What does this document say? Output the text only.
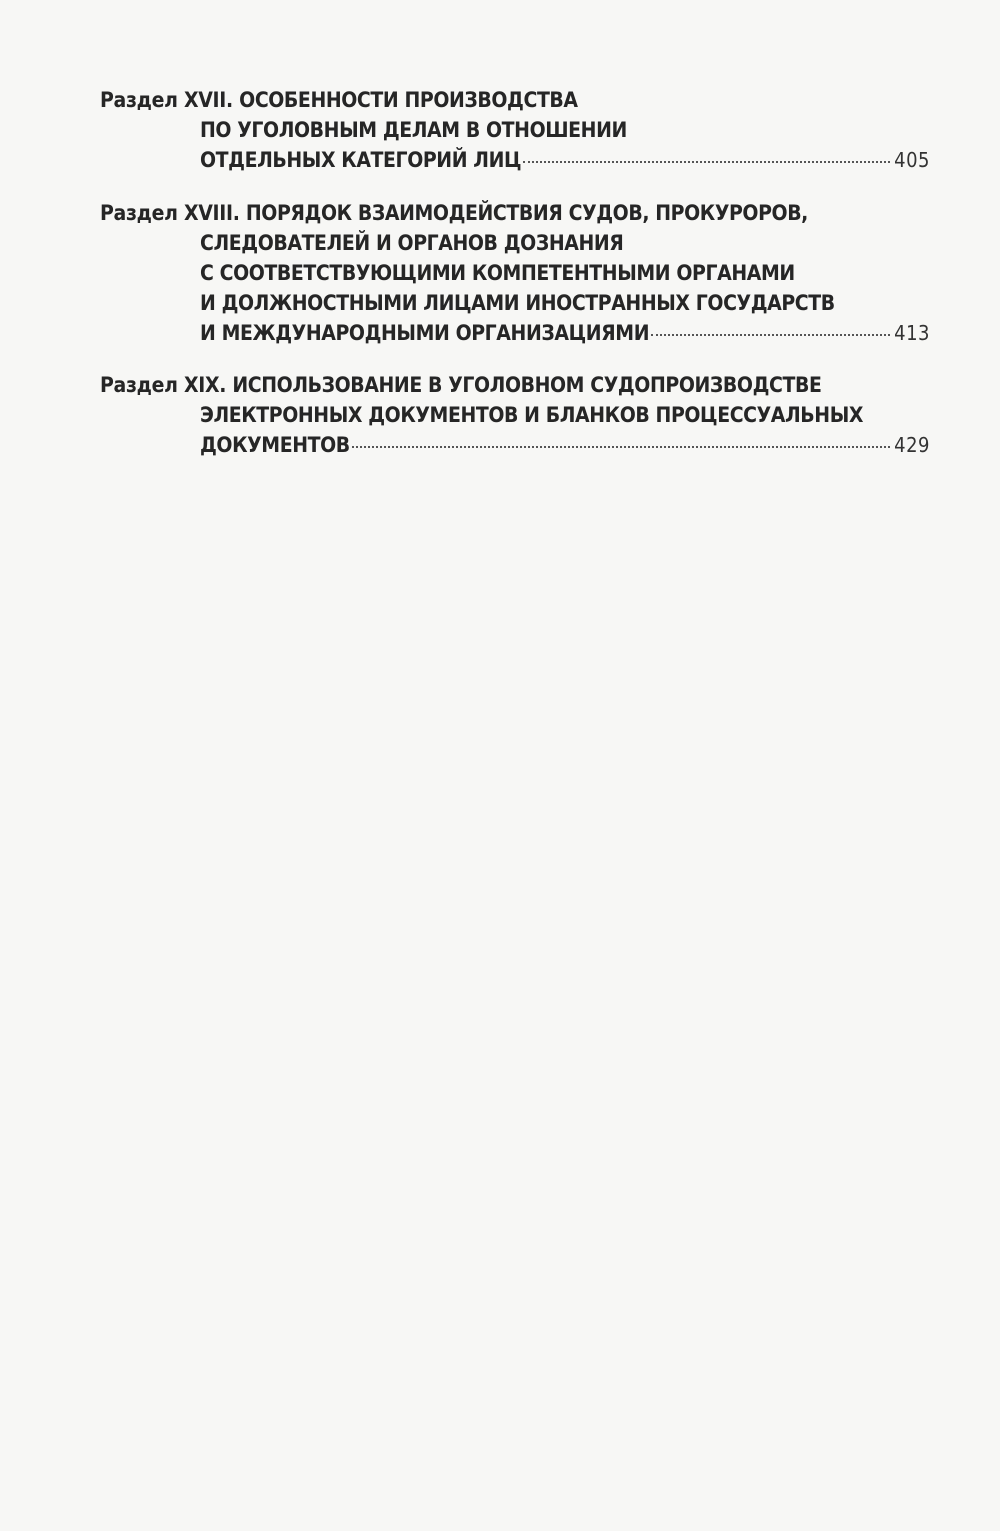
Раздел XVII. ОСОБЕННОСТИ ПРОИЗВОДСТВА
ПО УГОЛОВНЫМ ДЕЛАМ В ОТНОШЕНИИ
ОТДЕЛЬНЫХ КАТЕГОРИЙ ЛИЦ	405
Раздел XVIII. ПОРЯДОК ВЗАИМОДЕЙСТВИЯ СУДОВ, ПРОКУРОРОВ,
СЛЕДОВАТЕЛЕЙ И ОРГАНОВ ДОЗНАНИЯ
С СООТВЕТСТВУЮЩИМИ КОМПЕТЕНТНЫМИ ОРГАНАМИ
И ДОЛЖНОСТНЫМИ ЛИЦАМИ ИНОСТРАННЫХ ГОСУДАРСТВ
И МЕЖДУНАРОДНЫМИ ОРГАНИЗАЦИЯМИ	413
Раздел XIX. ИСПОЛЬЗОВАНИЕ В УГОЛОВНОМ СУДОПРОИЗВОДСТВЕ
ЭЛЕКТРОННЫХ ДОКУМЕНТОВ И БЛАНКОВ ПРОЦЕССУАЛЬНЫХ
ДОКУМЕНТОВ	429
